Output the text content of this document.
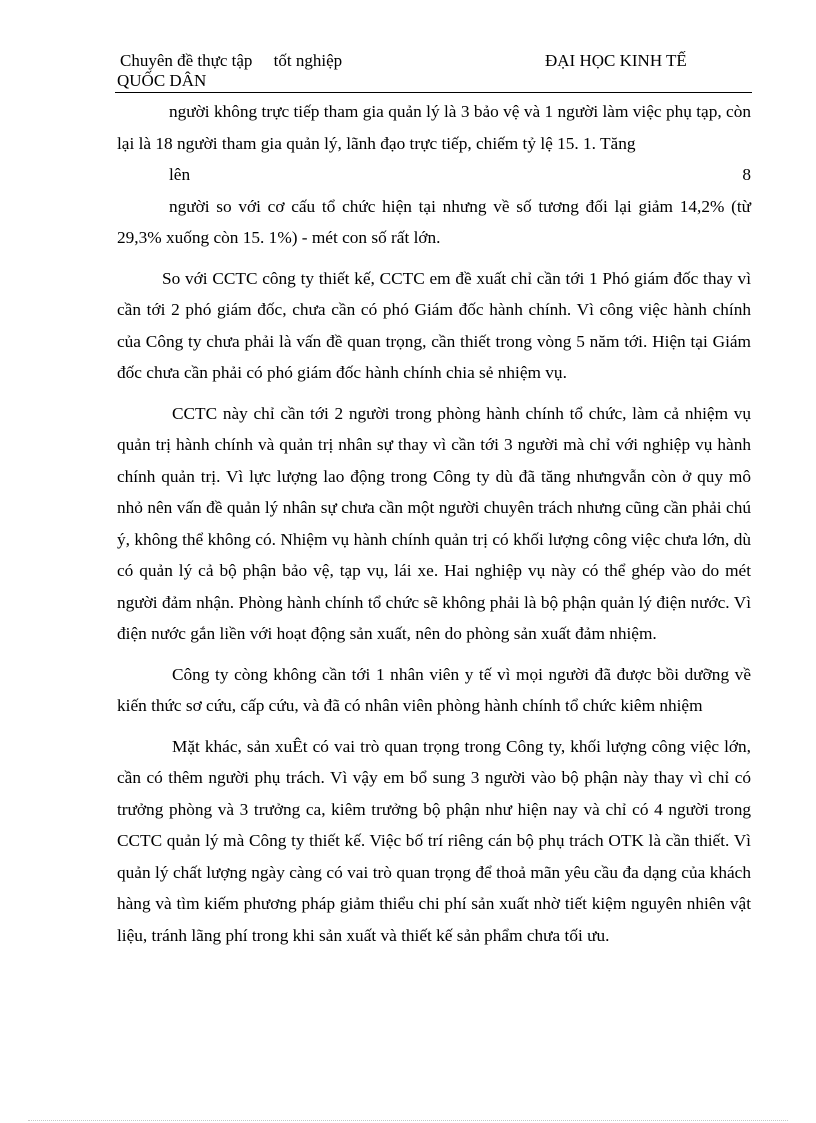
Chuyên đề thực tập     tốt nghiệp	ĐẠI HỌC KINH TẾ
QUỐC DÂN

người không trực tiếp tham gia quản lý là 3 bảo vệ và 1 người làm việc phụ tạp, còn lại là 18 người tham gia quản lý, lãnh đạo trực tiếp, chiếm tỷ lệ 15. 1. Tăng
lên	8

người so với cơ cấu tổ chức hiện tại nhưng về số tương đối lại giảm 14,2% (từ 29,3% xuống còn 15. 1%) - mét con số rất lớn.

So với CCTC công ty thiết kế, CCTC em đề xuất chỉ cần tới 1 Phó giám đốc thay vì cần tới 2 phó giám đốc, chưa cần có phó Giám đốc hành chính. Vì công việc hành chính của Công ty chưa phải là vấn đề quan trọng, cần thiết trong vòng 5 năm tới. Hiện tại Giám đốc chưa cần phải có phó giám đốc hành chính chia sẻ nhiệm vụ.

CCTC này chỉ cần tới 2 người trong phòng hành chính tổ chức, làm cả nhiệm vụ quản trị hành chính và quản trị nhân sự thay vì cần tới 3 người mà chỉ với nghiệp vụ hành chính quản trị. Vì lực lượng lao động trong Công ty dù đã tăng nhưngvẫn còn ở quy mô nhỏ nên vấn đề quản lý nhân sự chưa cần một người chuyên trách nhưng cũng cần phải chú ý, không thể không có. Nhiệm vụ hành chính quản trị có khối lượng công việc chưa lớn, dù có quản lý cả bộ phận bảo vệ, tạp vụ, lái xe. Hai nghiệp vụ này có thể ghép vào do mét người đảm nhận. Phòng hành chính tổ chức sẽ không phải là bộ phận quản lý điện nước. Vì điện nước gắn liền với hoạt động sản xuất, nên do phòng sản xuất đảm nhiệm.

Công ty còng không cần tới 1 nhân viên y tế vì mọi người đã được bồi dưỡng về kiến thức sơ cứu, cấp cứu, và đã có nhân viên phòng hành chính tổ chức kiêm nhiệm

Mặt khác, sản xuÊt có vai trò quan trọng trong Công ty, khối lượng công việc lớn, cần có thêm người phụ trách. Vì vậy em bổ sung 3 người vào bộ phận này thay vì chỉ có trưởng phòng và 3 trưởng ca, kiêm trưởng bộ phận như hiện nay và chỉ có 4 người trong CCTC quản lý mà Công ty thiết kế. Việc bố trí riêng cán bộ phụ trách OTK là cần thiết. Vì quản lý chất lượng ngày càng có vai trò quan trọng để thoả mãn yêu cầu đa dạng của khách hàng và tìm kiếm phương pháp giảm thiểu chi phí sản xuất nhờ tiết kiệm nguyên nhiên vật liệu, tránh lãng phí trong khi sản xuất và thiết kế sản phẩm chưa tối ưu.
